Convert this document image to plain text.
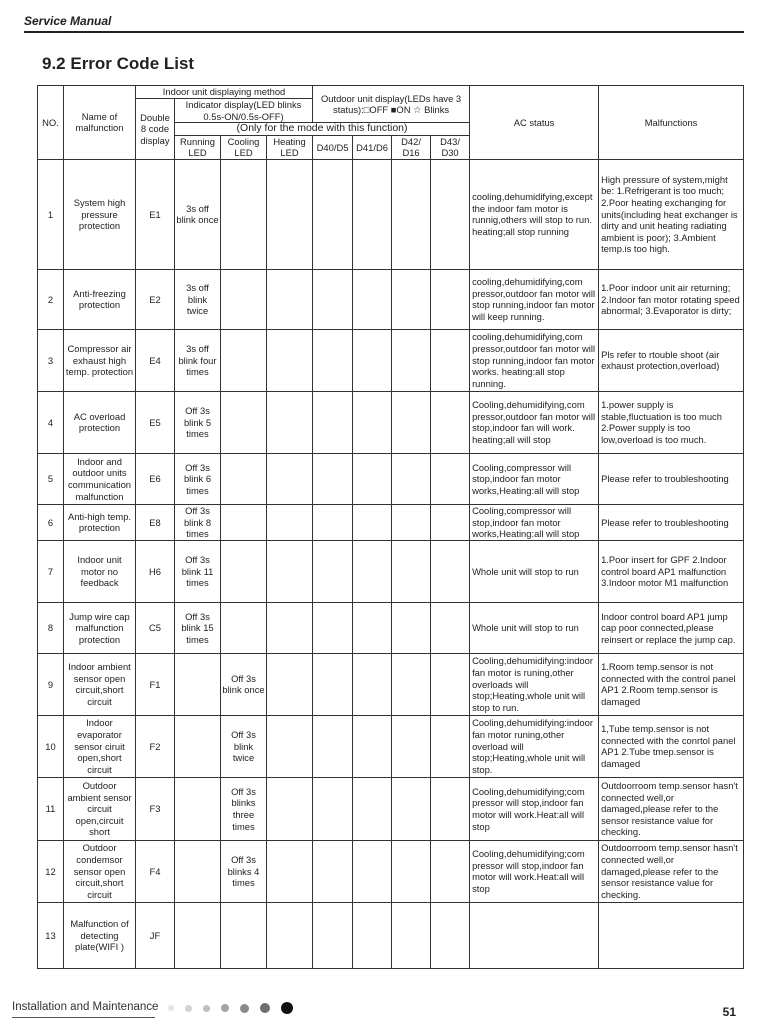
Service Manual
9.2 Error Code List
NO.	Name of malfunction	Indoor unit displaying method				Outdoor unit display(LEDs have 3 status):□OFF ■ON ☆ Blinks				AC status	Malfunctions
		Double 8 code display	Indicator display(LED blinks 0.5s-ON/0.5s-OFF)								
			(Only for the mode with this function)								
			Running LED	Cooling LED	Heating LED	D40/D5	D41/D6	D42/ D16	D43/ D30		
1	System high pressure protection	E1	3s off blink once							cooling,dehumidifying,except the indoor fam motor is runnig,others will stop to run. heating;all stop running	High pressure of system,might be: 1.Refrigerant is too much; 2.Poor heating exchanging for units(including heat exchanger is dirty and unit heating radiating ambient is poor); 3.Ambient temp.is too high.
2	Anti-freezing protection	E2	3s off blink twice							cooling,dehumidifying,com pressor,outdoor fan motor will stop running,indoor fan motor will keep running.	1.Poor indoor unit air returning; 2.Indoor fan motor rotating speed abnormal; 3.Evaporator is dirty;
3	Compressor air exhaust high temp. protection	E4	3s off blink four times							cooling,dehumidifying,com pressor,outdoor fan motor will stop running,indoor fan motor works. heating:all stop running.	Pls refer to rtouble shoot (air exhaust protection,overload)
4	AC overload protection	E5	Off 3s blink 5 times							Cooling,dehumidifying,com pressor,outdoor fan motor will stop,indoor fan will work. heating;all will stop	1.power supply is stable,fluctuation is too much 2.Power supply is too low,overload is too much.
5	Indoor and outdoor units communication malfunction	E6	Off 3s blink 6 times							Cooling,compressor will stop,indoor fan motor works,Heating:all will stop	Please refer to troubleshooting
6	Anti-high temp. protection	E8	Off 3s blink 8 times							Cooling,compressor will stop,indoor fan motor works,Heating:all will stop	Please refer to troubleshooting
7	Indoor unit motor no feedback	H6	Off 3s blink 11 times							Whole unit will stop to run	1.Poor insert for GPF 2.Indoor control board AP1 malfunction 3.Indoor motor M1 malfunction
8	Jump wire cap malfunction protection	C5	Off 3s blink 15 times							Whole unit will stop to run	Indoor control board AP1 jump cap poor connected,please reinsert or replace the jump cap.
9	Indoor ambient sensor open circuit,short circuit	F1		Off 3s blink once						Cooling,dehumidifying:indoor fan motor is runing,other overloads will stop;Heating,whole unit will stop to run.	1.Room temp.sensor is not connected with the control panel AP1 2.Room temp.sensor is damaged
10	Indoor evaporator sensor ciruit open,short circuit	F2		Off 3s blink twice						Cooling,dehumidifying:indoor fan motor runing,other overload will stop;Heating,whole unit will stop.	1,Tube temp.sensor is not connected with the conrtol panel AP1 2.Tube tmep.sensor is damaged
11	Outdoor ambient sensor circuit open,circuit short	F3		Off 3s blinks three times						Cooling,dehumidifying;com pressor will stop,indoor fan motor will work.Heat:all will stop	Outdoorroom temp.sensor hasn't connected well,or damaged,please refer to the sensor resistance value for checking.
12	Outdoor condemsor sensor open circuit,short circuit	F4		Off 3s blinks 4 times						Cooling,dehumidifying;com pressor will stop,indoor fan motor will work.Heat:all will stop	Outdoorroom temp.sensor hasn't connected well,or damaged,please refer to the sensor resistance value for checking.
13	Malfunction of detecting plate(WIFI )	JF									
Installation and Maintenance	51
